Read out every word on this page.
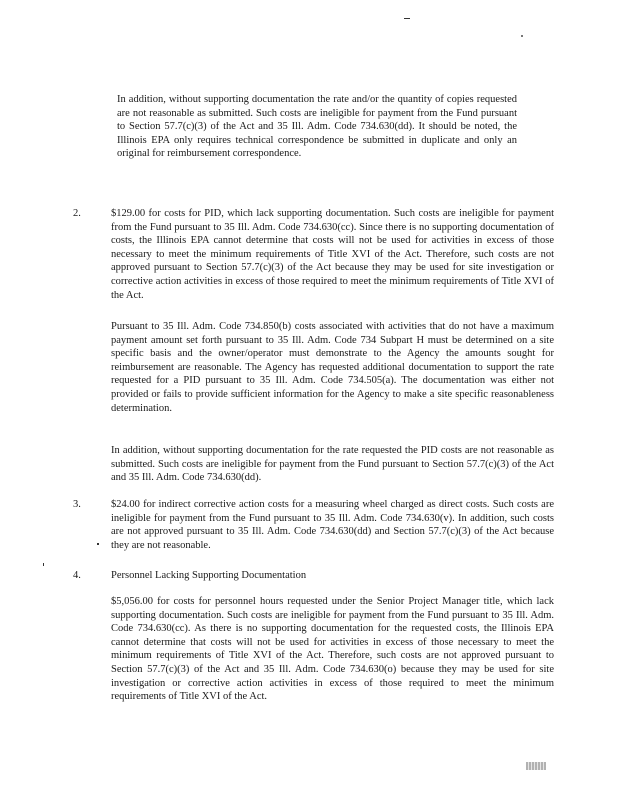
In addition, without supporting documentation the rate and/or the quantity of copies requested are not reasonable as submitted. Such costs are ineligible for payment from the Fund pursuant to Section 57.7(c)(3) of the Act and 35 Ill. Adm. Code 734.630(dd). It should be noted, the Illinois EPA only requires technical correspondence be submitted in duplicate and only an original for reimbursement correspondence.

2.	$129.00 for costs for PID, which lack supporting documentation. Such costs are ineligible for payment from the Fund pursuant to 35 Ill. Adm. Code 734.630(cc). Since there is no supporting documentation of costs, the Illinois EPA cannot determine that costs will not be used for activities in excess of those necessary to meet the minimum requirements of Title XVI of the Act. Therefore, such costs are not approved pursuant to Section 57.7(c)(3) of the Act because they may be used for site investigation or corrective action activities in excess of those required to meet the minimum requirements of Title XVI of the Act.

Pursuant to 35 Ill. Adm. Code 734.850(b) costs associated with activities that do not have a maximum payment amount set forth pursuant to 35 Ill. Adm. Code 734 Subpart H must be determined on a site specific basis and the owner/operator must demonstrate to the Agency the amounts sought for reimbursement are reasonable. The Agency has requested additional documentation to support the rate requested for a PID pursuant to 35 Ill. Adm. Code 734.505(a). The documentation was either not provided or fails to provide sufficient information for the Agency to make a site specific reasonableness determination.

In addition, without supporting documentation for the rate requested the PID costs are not reasonable as submitted. Such costs are ineligible for payment from the Fund pursuant to Section 57.7(c)(3) of the Act and 35 Ill. Adm. Code 734.630(dd).

3.	$24.00 for indirect corrective action costs for a measuring wheel charged as direct costs. Such costs are ineligible for payment from the Fund pursuant to 35 Ill. Adm. Code 734.630(v). In addition, such costs are not approved pursuant to 35 Ill. Adm. Code 734.630(dd) and Section 57.7(c)(3) of the Act because they are not reasonable.

4.	Personnel Lacking Supporting Documentation

$5,056.00 for costs for personnel hours requested under the Senior Project Manager title, which lack supporting documentation. Such costs are ineligible for payment from the Fund pursuant to 35 Ill. Adm. Code 734.630(cc). As there is no supporting documentation for the requested costs, the Illinois EPA cannot determine that costs will not be used for activities in excess of those necessary to meet the minimum requirements of Title XVI of the Act. Therefore, such costs are not approved pursuant to Section 57.7(c)(3) of the Act and 35 Ill. Adm. Code 734.630(o) because they may be used for site investigation or corrective action activities in excess of those required to meet the minimum requirements of Title XVI of the Act.
